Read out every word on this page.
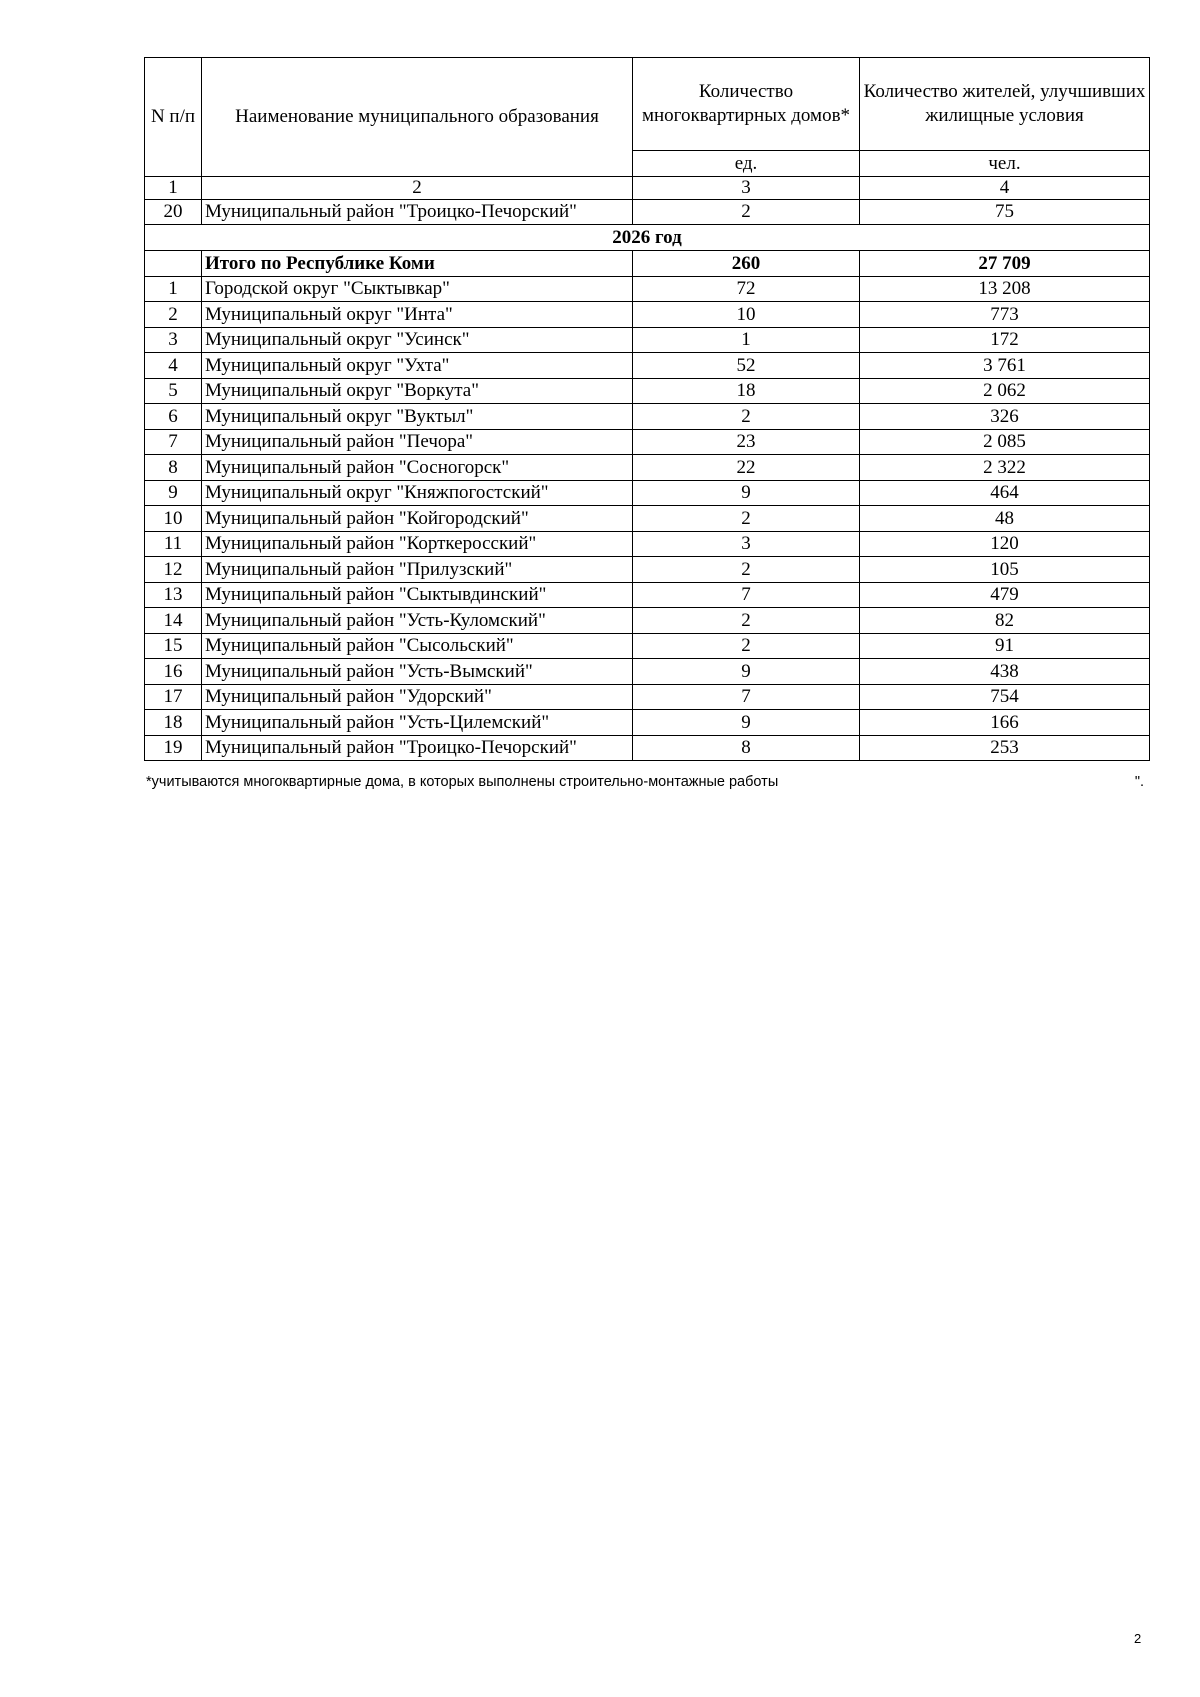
N п/п	Наименование муниципального образования	Количество многоквартирных домов*	Количество жителей, улучшивших жилищные условия
		ед.	чел.
1	2	3	4
20	Муниципальный район "Троицко-Печорский"	2	75
2026 год			
	Итого по Республике Коми	260	27 709
1	Городской округ "Сыктывкар"	72	13 208
2	Муниципальный округ "Инта"	10	773
3	Муниципальный округ "Усинск"	1	172
4	Муниципальный округ "Ухта"	52	3 761
5	Муниципальный округ "Воркута"	18	2 062
6	Муниципальный округ "Вуктыл"	2	326
7	Муниципальный район "Печора"	23	2 085
8	Муниципальный район "Сосногорск"	22	2 322
9	Муниципальный округ "Княжпогостский"	9	464
10	Муниципальный район "Койгородский"	2	48
11	Муниципальный район "Корткеросский"	3	120
12	Муниципальный район "Прилузский"	2	105
13	Муниципальный район "Сыктывдинский"	7	479
14	Муниципальный район "Усть-Куломский"	2	82
15	Муниципальный район "Сысольский"	2	91
16	Муниципальный район "Усть-Вымский"	9	438
17	Муниципальный район "Удорский"	7	754
18	Муниципальный район "Усть-Цилемский"	9	166
19	Муниципальный район "Троицко-Печорский"	8	253
*учитываются многоквартирные дома, в которых выполнены строительно-монтажные работы	".
2
